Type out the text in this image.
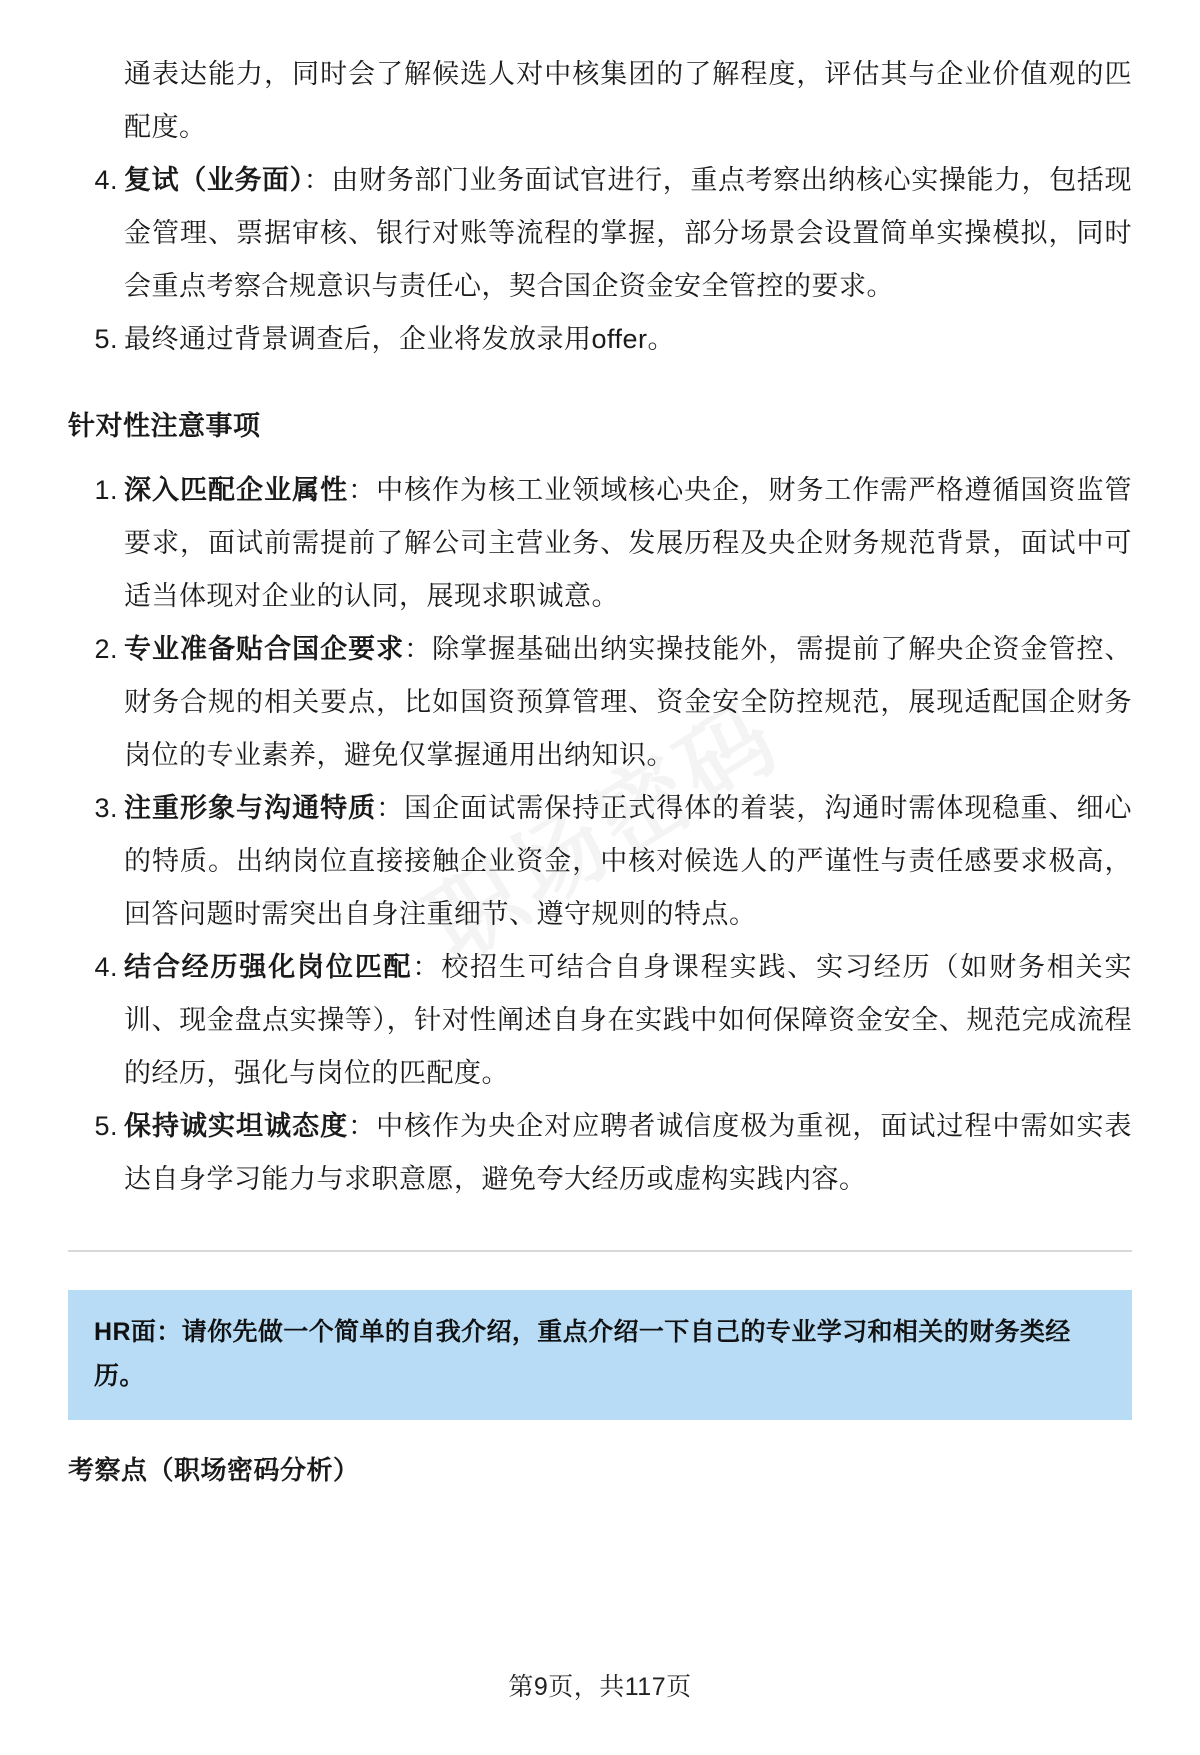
通表达能力，同时会了解候选人对中核集团的了解程度，评估其与企业价值观的匹配度。

4. 复试（业务面）：由财务部门业务面试官进行，重点考察出纳核心实操能力，包括现金管理、票据审核、银行对账等流程的掌握，部分场景会设置简单实操模拟，同时会重点考察合规意识与责任心，契合国企资金安全管控的要求。
5. 最终通过背景调查后，企业将发放录用offer。
针对性注意事项
1. 深入匹配企业属性：中核作为核工业领域核心央企，财务工作需严格遵循国资监管要求，面试前需提前了解公司主营业务、发展历程及央企财务规范背景，面试中可适当体现对企业的认同，展现求职诚意。
2. 专业准备贴合国企要求：除掌握基础出纳实操技能外，需提前了解央企资金管控、财务合规的相关要点，比如国资预算管理、资金安全防控规范，展现适配国企财务岗位的专业素养，避免仅掌握通用出纳知识。
3. 注重形象与沟通特质：国企面试需保持正式得体的着装，沟通时需体现稳重、细心的特质。出纳岗位直接接触企业资金，中核对候选人的严谨性与责任感要求极高，回答问题时需突出自身注重细节、遵守规则的特点。
4. 结合经历强化岗位匹配：校招生可结合自身课程实践、实习经历（如财务相关实训、现金盘点实操等），针对性阐述自身在实践中如何保障资金安全、规范完成流程的经历，强化与岗位的匹配度。
5. 保持诚实坦诚态度：中核作为央企对应聘者诚信度极为重视，面试过程中需如实表达自身学习能力与求职意愿，避免夸大经历或虚构实践内容。
HR面：请你先做一个简单的自我介绍，重点介绍一下自己的专业学习和相关的财务类经历。
考察点（职场密码分析）
第9页，共117页
